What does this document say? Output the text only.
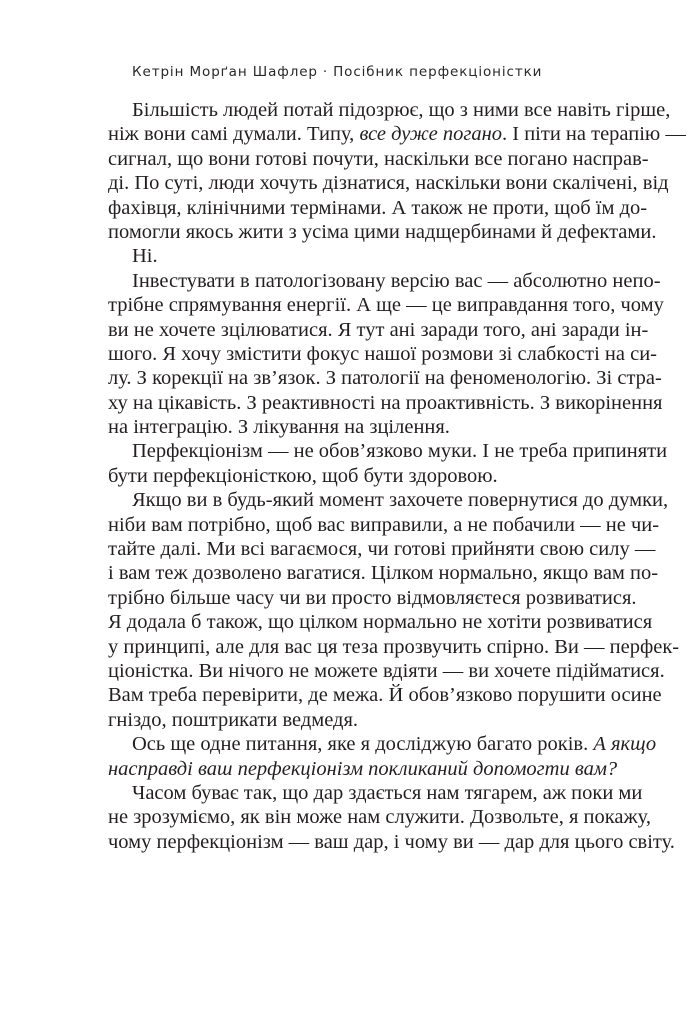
Кетрін Морґан Шафлер · Посібник перфекціоністки
Більшість людей потай підозрює, що з ними все навіть гірше,
ніж вони самі думали. Типу, все дуже погано. І піти на терапію —
сигнал, що вони готові почути, наскільки все погано насправ-
ді. По суті, люди хочуть дізнатися, наскільки вони скалічені, від
фахівця, клінічними термінами. А також не проти, щоб їм до-
помогли якось жити з усіма цими надщербинами й дефектами.
Ні.
Інвестувати в патологізовану версію вас — абсолютно непо-
трібне спрямування енергії. А ще — це виправдання того, чому
ви не хочете зцілюватися. Я тут ані заради того, ані заради ін-
шого. Я хочу змістити фокус нашої розмови зі слабкості на си-
лу. З корекції на зв’язок. З патології на феноменологію. Зі стра-
ху на цікавість. З реактивності на проактивність. З викорінення
на інтеграцію. З лікування на зцілення.
Перфекціонізм — не обов’язково муки. І не треба припиняти
бути перфекціоністкою, щоб бути здоровою.
Якщо ви в будь-який момент захочете повернутися до думки,
ніби вам потрібно, щоб вас виправили, а не побачили — не чи-
тайте далі. Ми всі вагаємося, чи готові прийняти свою силу —
і вам теж дозволено вагатися. Цілком нормально, якщо вам по-
трібно більше часу чи ви просто відмовляєтеся розвиватися.
Я додала б також, що цілком нормально не хотіти розвиватися
у принципі, але для вас ця теза прозвучить спірно. Ви — перфек-
ціоністка. Ви нічого не можете вдіяти — ви хочете підійматися.
Вам треба перевірити, де межа. Й обов’язково порушити осине
гніздо, поштрикати ведмедя.
Ось ще одне питання, яке я досліджую багато років. А якщо
насправді ваш перфекціонізм покликаний допомогти вам?
Часом буває так, що дар здається нам тягарем, аж поки ми
не зрозуміємо, як він може нам служити. Дозвольте, я покажу,
чому перфекціонізм — ваш дар, і чому ви — дар для цього світу.
